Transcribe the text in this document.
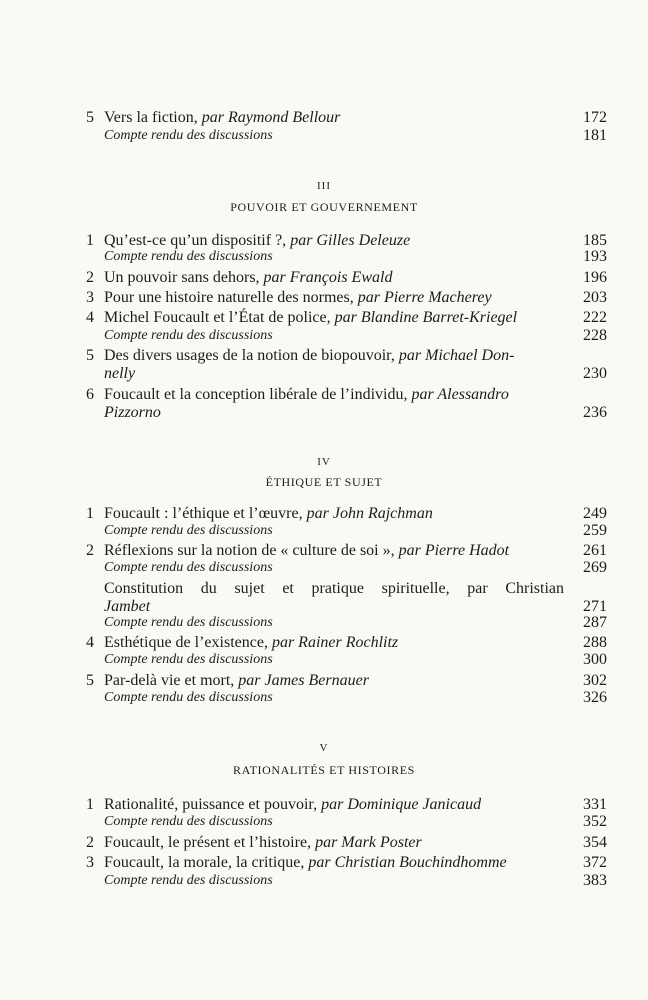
5 Vers la fiction, par Raymond Bellour	172
Compte rendu des discussions	181
III
POUVOIR ET GOUVERNEMENT
1 Qu’est-ce qu’un dispositif ?, par Gilles Deleuze	185
Compte rendu des discussions	193
2 Un pouvoir sans dehors, par François Ewald	196
3 Pour une histoire naturelle des normes, par Pierre Macherey	203
4 Michel Foucault et l’État de police, par Blandine Barret-Kriegel	222
Compte rendu des discussions	228
5 Des divers usages de la notion de biopouvoir, par Michael Don-
nelly	230
6 Foucault et la conception libérale de l’individu, par Alessandro
Pizzorno	236
IV
ÉTHIQUE ET SUJET
1 Foucault : l’éthique et l’œuvre, par John Rajchman	249
Compte rendu des discussions	259
2 Réflexions sur la notion de « culture de soi », par Pierre Hadot	261
Compte rendu des discussions	269
Constitution du sujet et pratique spirituelle, par Christian
Jambet	271
Compte rendu des discussions	287
4 Esthétique de l’existence, par Rainer Rochlitz	288
Compte rendu des discussions	300
5 Par-delà vie et mort, par James Bernauer	302
Compte rendu des discussions	326
V
RATIONALITÉS ET HISTOIRES
1 Rationalité, puissance et pouvoir, par Dominique Janicaud	331
Compte rendu des discussions	352
2 Foucault, le présent et l’histoire, par Mark Poster	354
3 Foucault, la morale, la critique, par Christian Bouchindhomme	372
Compte rendu des discussions	383
